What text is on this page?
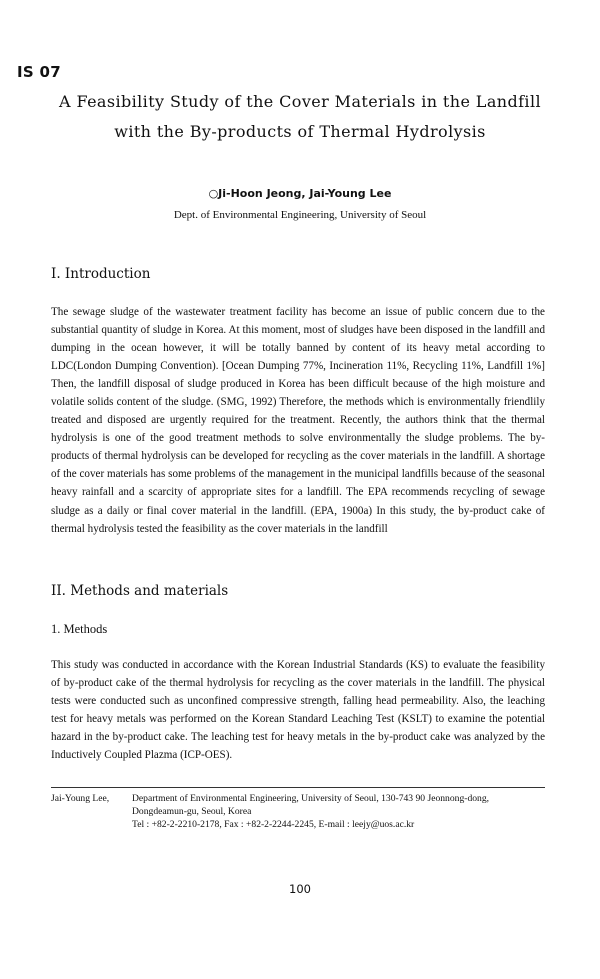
IS 07
A Feasibility Study of the Cover Materials in the Landfill
with the By-products of Thermal Hydrolysis
○Ji-Hoon Jeong, Jai-Young Lee
Dept. of Environmental Engineering, University of Seoul
I. Introduction

The sewage sludge of the wastewater treatment facility has become an issue of public concern due to the substantial quantity of sludge in Korea. At this moment, most of sludges have been disposed in the landfill and dumping in the ocean however, it will be totally banned by content of its heavy metal according to LDC(London Dumping Convention). [Ocean Dumping 77%, Incineration 11%, Recycling 11%, Landfill 1%] Then, the landfill disposal of sludge produced in Korea has been difficult because of the high moisture and volatile solids content of the sludge. (SMG, 1992) Therefore, the methods which is environmentally friendlily treated and disposed are urgently required for the treatment. Recently, the authors think that the thermal hydrolysis is one of the good treatment methods to solve environmentally the sludge problems. The by-products of thermal hydrolysis can be developed for recycling as the cover materials in the landfill. A shortage of the cover materials has some problems of the management in the municipal landfills because of the seasonal heavy rainfall and a scarcity of appropriate sites for a landfill. The EPA recommends recycling of sewage sludge as a daily or final cover material in the landfill. (EPA, 1900a) In this study, the by-product cake of thermal hydrolysis tested the feasibility as the cover materials in the landfill

II. Methods and materials
1. Methods

This study was conducted in accordance with the Korean Industrial Standards (KS) to evaluate the feasibility of by-product cake of the thermal hydrolysis for recycling as the cover materials in the landfill. The physical tests were conducted such as unconfined compressive strength, falling head permeability. Also, the leaching test for heavy metals was performed on the Korean Standard Leaching Test (KSLT) to examine the potential hazard in the by-product cake. The leaching test for heavy metals in the by-product cake was analyzed by the Inductively Coupled Plazma (ICP-OES).

Jai-Young Lee,	Department of Environmental Engineering, University of Seoul, 130-743 90 Jeonnong-dong,
Dongdeamun-gu, Seoul, Korea
Tel : +82-2-2210-2178, Fax : +82-2-2244-2245, E-mail : leejy@uos.ac.kr
100
